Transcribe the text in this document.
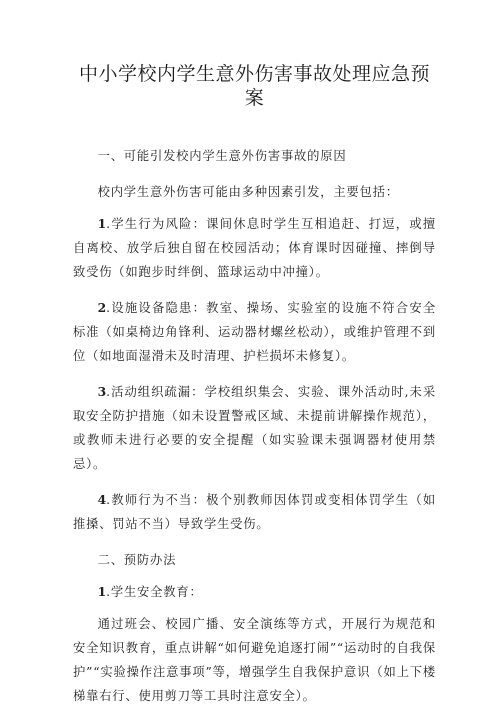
中小学校内学生意外伤害事故处理应急预案

一、可能引发校内学生意外伤害事故的原因

校内学生意外伤害可能由多种因素引发，主要包括：

1.学生行为风险：课间休息时学生互相追赶、打逗，或擅自离校、放学后独自留在校园活动；体育课时因碰撞、摔倒导致受伤（如跑步时绊倒、篮球运动中冲撞）。

2.设施设备隐患：教室、操场、实验室的设施不符合安全标准（如桌椅边角锋利、运动器材螺丝松动），或维护管理不到位（如地面湿滑未及时清理、护栏损坏未修复）。

3.活动组织疏漏：学校组织集会、实验、课外活动时,未采取安全防护措施（如未设置警戒区域、未提前讲解操作规范），或教师未进行必要的安全提醒（如实验课未强调器材使用禁忌）。

4.教师行为不当：极个别教师因体罚或变相体罚学生（如推搡、罚站不当）导致学生受伤。

二、预防办法

1.学生安全教育：

通过班会、校园广播、安全演练等方式，开展行为规范和安全知识教育，重点讲解“如何避免追逐打闹”“运动时的自我保护”“实验操作注意事项”等，增强学生自我保护意识（如上下楼梯靠右行、使用剪刀等工具时注意安全）。
